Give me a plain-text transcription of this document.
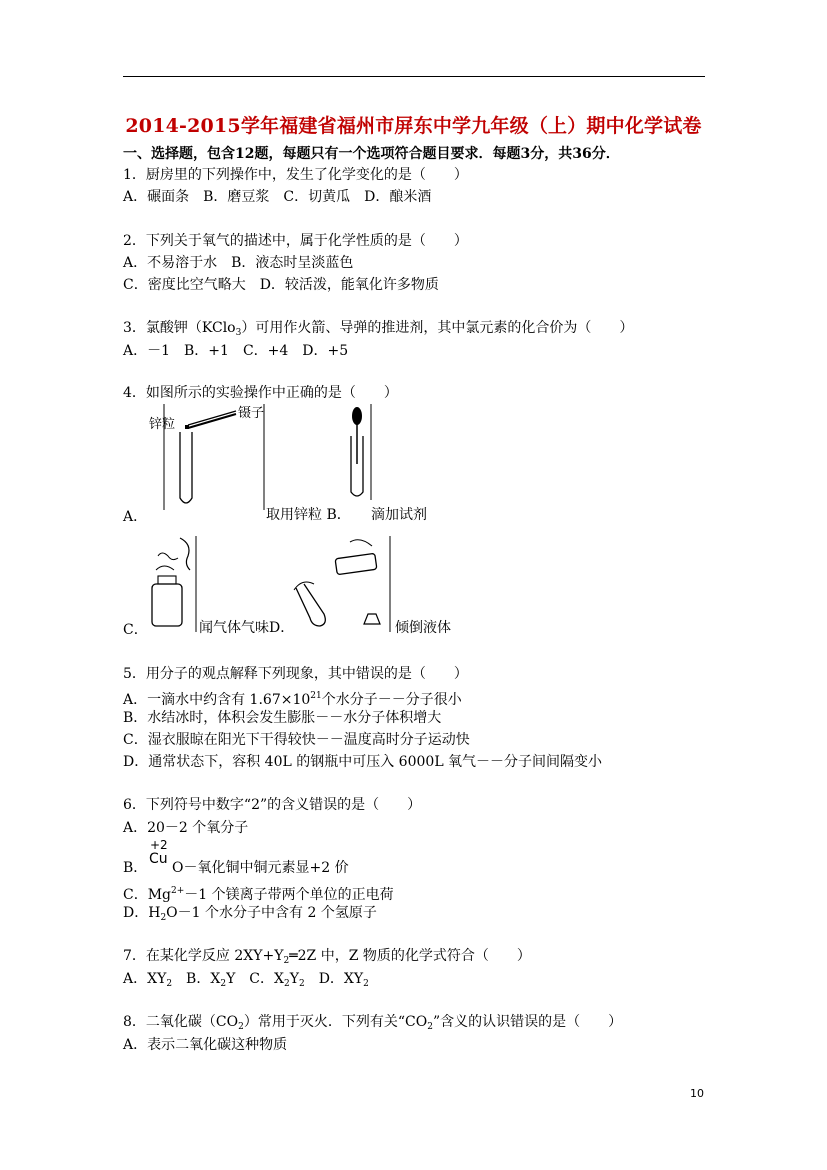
2014-2015学年福建省福州市屏东中学九年级（上）期中化学试卷
一、选择题，包含12题，每题只有一个选项符合题目要求．每题3分，共36分．
1．厨房里的下列操作中，发生了化学变化的是（　　）
A．碾面条　B．磨豆浆　C．切黄瓜　D．酿米酒
2．下列关于氧气的描述中，属于化学性质的是（　　）
A．不易溶于水　B．液态时呈淡蓝色
C．密度比空气略大　D．较活泼，能氧化许多物质
3．氯酸钾（KClo$_3$）可用作火箭、导弹的推进剂，其中氯元素的化合价为（　　）
A．－1　B．+1　C．+4　D．+5
4．如图所示的实验操作中正确的是（　　）
锌粒
镊子
A．	取用锌粒 B． 滴加试剂
C．	闻气体气味D．	倾倒液体
5．用分子的观点解释下列现象，其中错误的是（　　）
A．一滴水中约含有 $1.67\times 10^{21}$个水分子－－分子很小
B．水结冰时，体积会发生膨胀－－水分子体积增大
C．湿衣服晾在阳光下干得较快－－温度高时分子运动快
D．通常状态下，容积 40L 的钢瓶中可压入 6000L 氧气－－分子间间隔变小
6．下列符号中数字“2”的含义错误的是（　　）
A．20－2 个氧分子
B．
+2
Cu
O－氧化铜中铜元素显+2 价
C．$Mg^{2+}-1$ 个镁离子带两个单位的正电荷
D．$H_2O-1$ 个水分子中含有 2 个氢原子
7．在某化学反应 $2XY+Y_2═2Z$ 中，Z 物质的化学式符合（　　）
A．$XY_2$　B．$X_2Y$　C．$X_2Y_2$　D．$XY_2$
8．二氧化碳$(CO_2)$常用于灭火．下列有关“$CO_2$”含义的认识错误的是（　　）
A．表示二氧化碳这种物质
10
